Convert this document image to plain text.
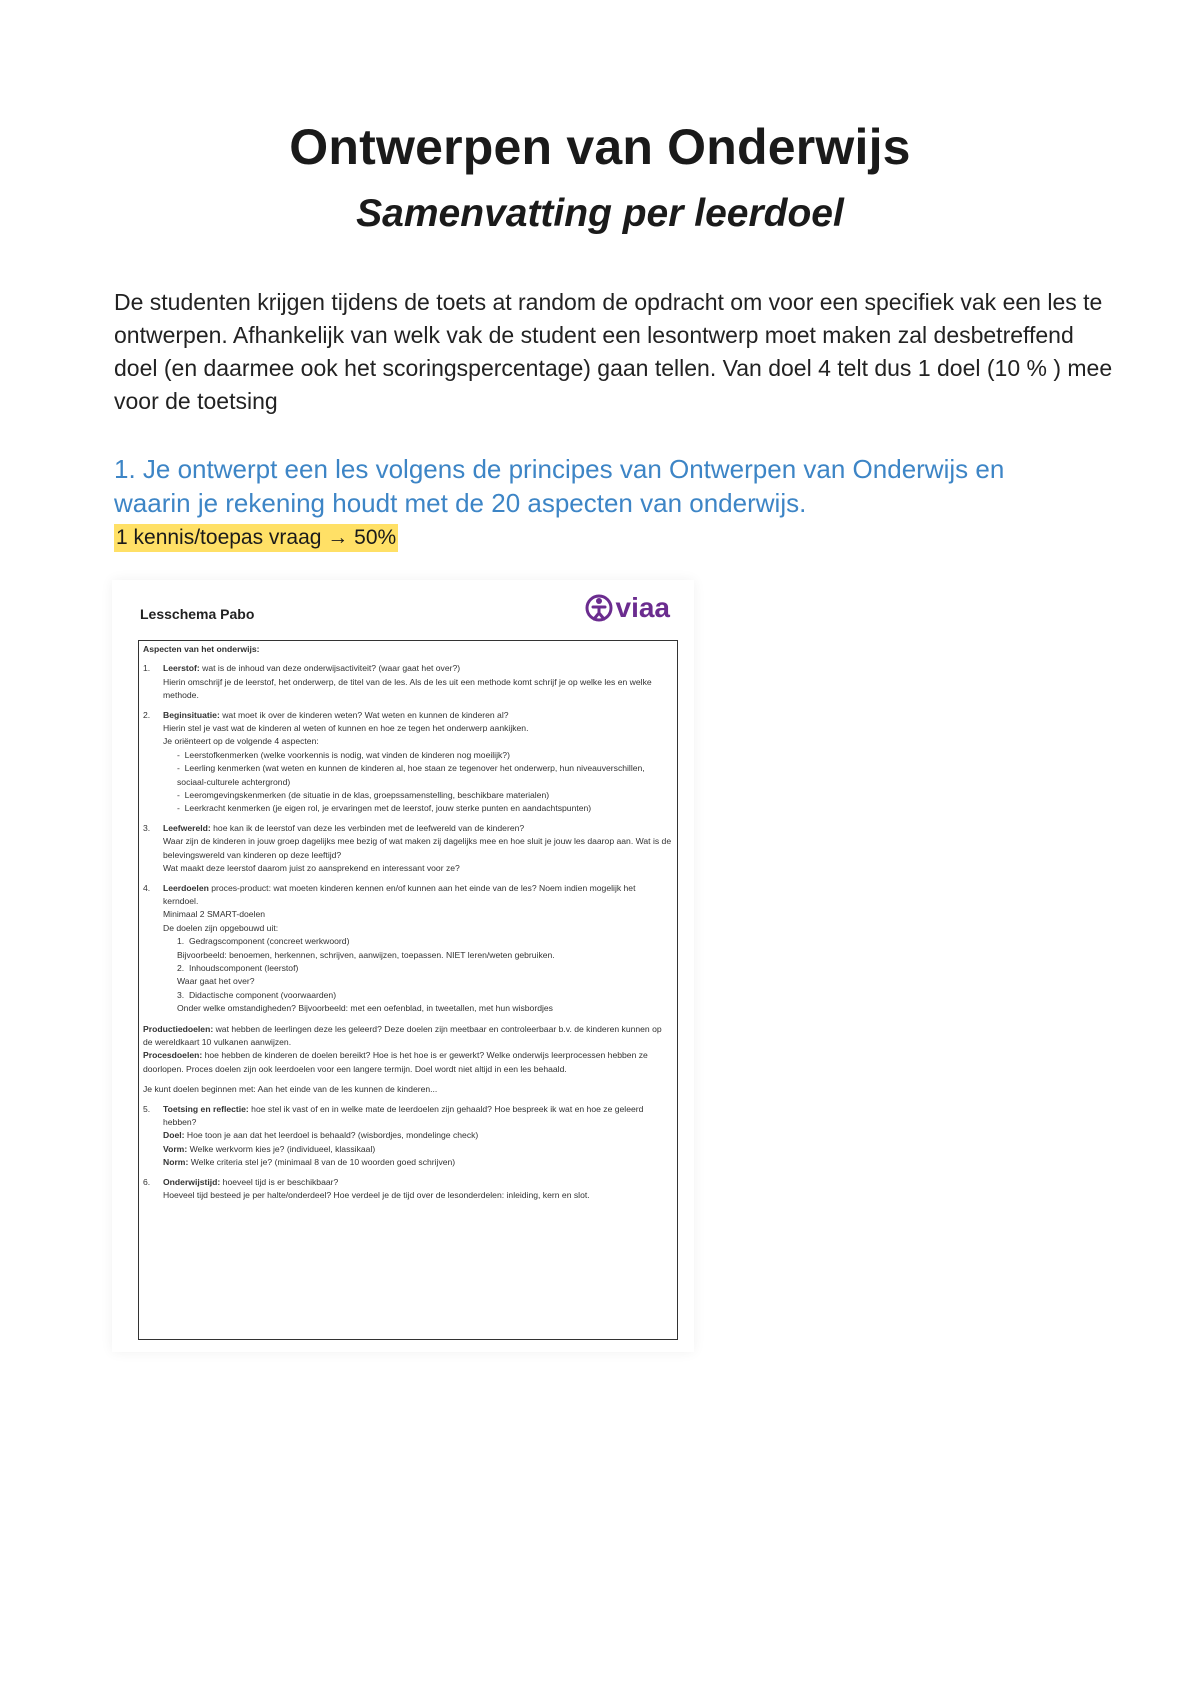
Ontwerpen van Onderwijs
Samenvatting per leerdoel

De studenten krijgen tijdens de toets at random de opdracht om voor een specifiek vak een les te ontwerpen. Afhankelijk van welk vak de student een lesontwerp moet maken zal desbetreffend doel (en daarmee ook het scoringspercentage) gaan tellen. Van doel 4 telt dus 1 doel (10 % ) mee voor de toetsing

1. Je ontwerpt een les volgens de principes van Ontwerpen van Onderwijs en waarin je rekening houdt met de 20 aspecten van onderwijs.
1 kennis/toepas vraag → 50%
Lesschema Pabo	viaa
Aspecten van het onderwijs:
1.	Leerstof: wat is de inhoud van deze onderwijsactiviteit? (waar gaat het over?)
Hierin omschrijf je de leerstof, het onderwerp, de titel van de les. Als de les uit een methode komt schrijf je op welke les en welke methode.
2.	Beginsituatie: wat moet ik over de kinderen weten? Wat weten en kunnen de kinderen al?
Hierin stel je vast wat de kinderen al weten of kunnen en hoe ze tegen het onderwerp aankijken.
Je oriënteert op de volgende 4 aspecten:
-  Leerstofkenmerken (welke voorkennis is nodig, wat vinden de kinderen nog moeilijk?)
-  Leerling kenmerken (wat weten en kunnen de kinderen al, hoe staan ze tegenover het onderwerp, hun niveauverschillen, sociaal-culturele achtergrond)
-  Leeromgevingskenmerken (de situatie in de klas, groepssamenstelling, beschikbare materialen)
-  Leerkracht kenmerken (je eigen rol, je ervaringen met de leerstof, jouw sterke punten en aandachtspunten)
3.	Leefwereld: hoe kan ik de leerstof van deze les verbinden met de leefwereld van de kinderen?
Waar zijn de kinderen in jouw groep dagelijks mee bezig of wat maken zij dagelijks mee en hoe sluit je jouw les daarop aan. Wat is de belevingswereld van kinderen op deze leeftijd?
Wat maakt deze leerstof daarom juist zo aansprekend en interessant voor ze?
4.	Leerdoelen proces-product: wat moeten kinderen kennen en/of kunnen aan het einde van de les? Noem indien mogelijk het kerndoel.
Minimaal 2 SMART-doelen
De doelen zijn opgebouwd uit:
1.  Gedragscomponent (concreet werkwoord)
Bijvoorbeeld: benoemen, herkennen, schrijven, aanwijzen, toepassen. NIET leren/weten gebruiken.
2.  Inhoudscomponent (leerstof)
Waar gaat het over?
3.  Didactische component (voorwaarden)
Onder welke omstandigheden? Bijvoorbeeld: met een oefenblad, in tweetallen, met hun wisbordjes
Productiedoelen: wat hebben de leerlingen deze les geleerd? Deze doelen zijn meetbaar en controleerbaar b.v. de kinderen kunnen op de wereldkaart 10 vulkanen aanwijzen.
Procesdoelen: hoe hebben de kinderen de doelen bereikt? Hoe is het hoe is er gewerkt? Welke onderwijs leerprocessen hebben ze doorlopen. Proces doelen zijn ook leerdoelen voor een langere termijn. Doel wordt niet altijd in een les behaald.
Je kunt doelen beginnen met: Aan het einde van de les kunnen de kinderen...
5.	Toetsing en reflectie: hoe stel ik vast of en in welke mate de leerdoelen zijn gehaald? Hoe bespreek ik wat en hoe ze geleerd hebben?
Doel: Hoe toon je aan dat het leerdoel is behaald? (wisbordjes, mondelinge check)
Vorm: Welke werkvorm kies je? (individueel, klassikaal)
Norm: Welke criteria stel je? (minimaal 8 van de 10 woorden goed schrijven)
6.	Onderwijstijd: hoeveel tijd is er beschikbaar?
Hoeveel tijd besteed je per halte/onderdeel? Hoe verdeel je de tijd over de lesonderdelen: inleiding, kern en slot.
